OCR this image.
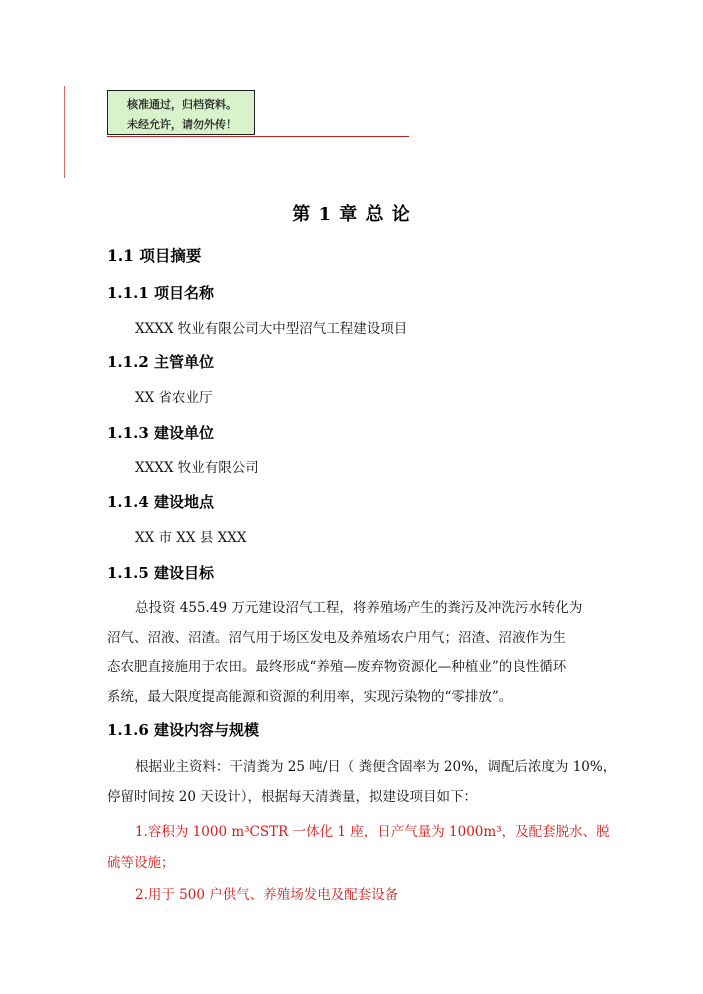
核准通过，归档资料。
未经允许，请勿外传！
第 1 章 总 论
1.1 项目摘要
1.1.1 项目名称
XXXX 牧业有限公司大中型沼气工程建设项目
1.1.2 主管单位
XX 省农业厅
1.1.3 建设单位
XXXX 牧业有限公司
1.1.4 建设地点
XX 市 XX 县 XXX
1.1.5 建设目标
总投资 455.49 万元建设沼气工程，将养殖场产生的粪污及冲洗污水转化为
沼气、沼液、沼渣。沼气用于场区发电及养殖场农户用气；沼渣、沼液作为生
态农肥直接施用于农田。最终形成“养殖—废弃物资源化—种植业”的良性循环
系统，最大限度提高能源和资源的利用率，实现污染物的“零排放”。
1.1.6 建设内容与规模
根据业主资料：干清粪为 25 吨/日（ 粪便含固率为 20%，调配后浓度为 10%，
停留时间按 20 天设计），根据每天清粪量，拟建设项目如下：
1.容积为 1000 m³CSTR 一体化 1 座，日产气量为 1000m³，及配套脱水、脱
硫等设施；
2.用于 500 户供气、养殖场发电及配套设备
